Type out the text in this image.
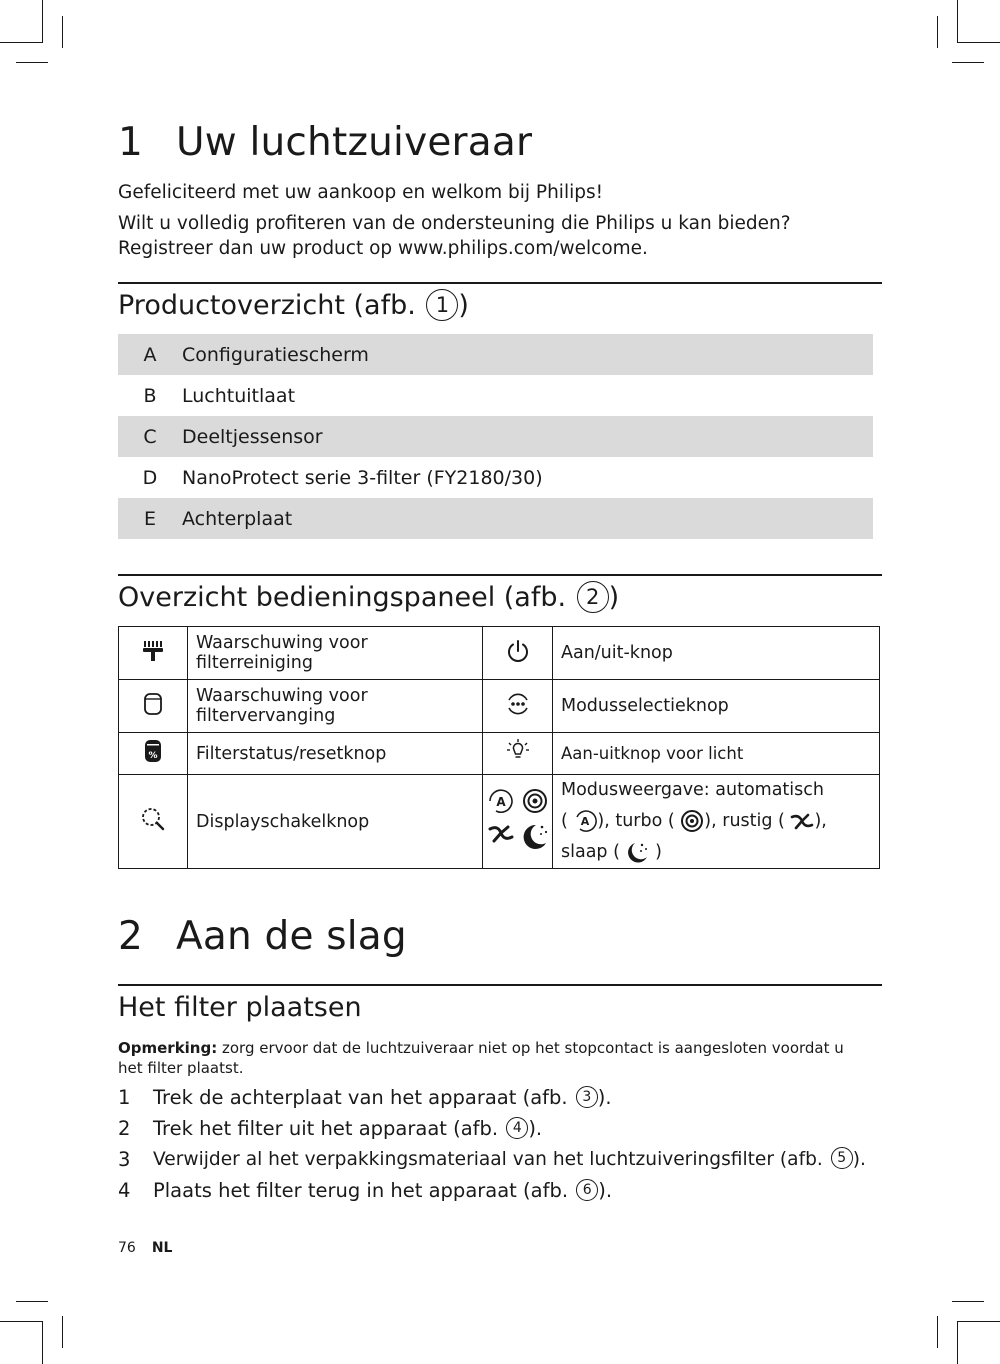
1 Uw luchtzuiveraar

Gefeliciteerd met uw aankoop en welkom bij Philips!

Wilt u volledig profiteren van de ondersteuning die Philips u kan bieden?

Registreer dan uw product op www.philips.com/welcome.

Productoverzicht (afb. 1 )
A	Configuratiescherm
B	Luchtuitlaat
C	Deeltjessensor
D	NanoProtect serie 3-filter (FY2180/30)
E	Achterplaat
Overzicht bedieningspaneel (afb. 2 )
	Waarschuwing voor filterreiniging		Aan/uit-knop
	Waarschuwing voor filtervervanging		Modusselectieknop

%	Filterstatus/resetknop		Aan-uitknop voor licht
	Displayschakelknop	A	Modusweergave: automatisch
( A ), turbo ( ), rustig ( ),
slaap ( )
2 Aan de slag
Het filter plaatsen

Opmerking: zorg ervoor dat de luchtzuiveraar niet op het stopcontact is aangesloten voordat u het filter plaatst.

1	Trek de achterplaat van het apparaat (afb. 3 ).
2	Trek het filter uit het apparaat (afb. 4 ).
3	Verwijder al het verpakkingsmateriaal van het luchtzuiveringsfilter (afb. 5 ).
4	Plaats het filter terug in het apparaat (afb. 6 ).
76 NL
